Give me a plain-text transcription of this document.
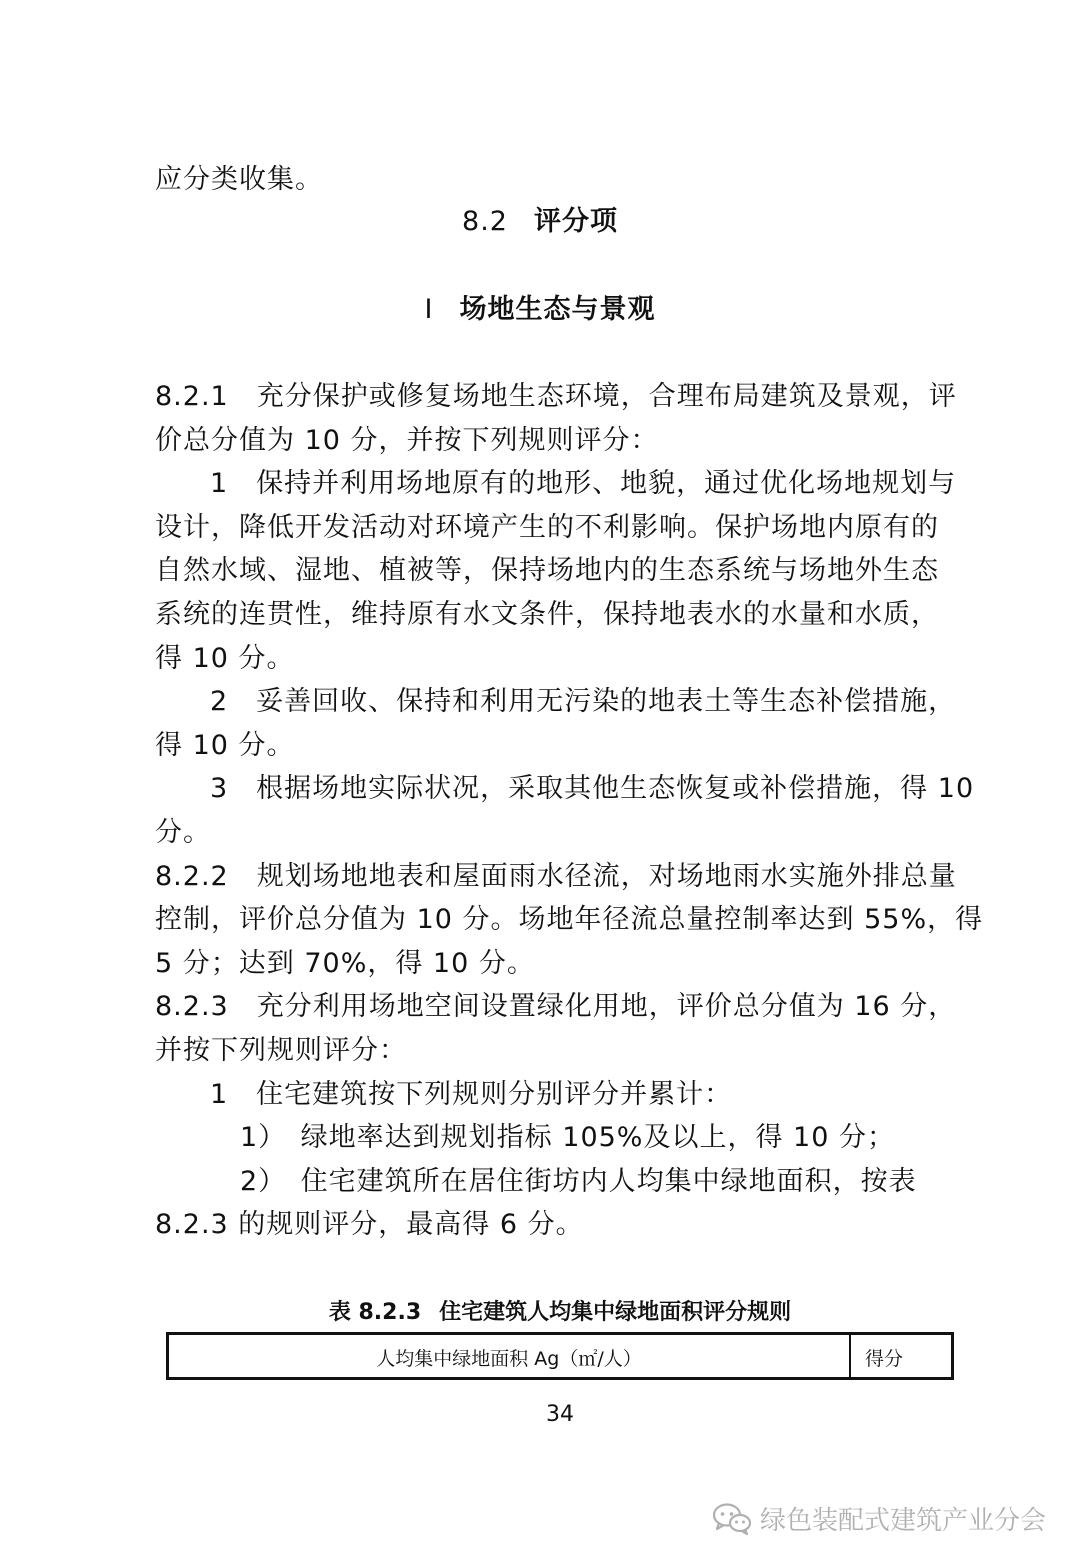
应分类收集。
8.2 评分项
Ⅰ 场地生态与景观
8.2.1　充分保护或修复场地生态环境，合理布局建筑及景观，评
价总分值为 10 分，并按下列规则评分：
1　保持并利用场地原有的地形、地貌，通过优化场地规划与
设计，降低开发活动对环境产生的不利影响。保护场地内原有的
自然水域、湿地、植被等，保持场地内的生态系统与场地外生态
系统的连贯性，维持原有水文条件，保持地表水的水量和水质，
得 10 分。
2　妥善回收、保持和利用无污染的地表土等生态补偿措施，
得 10 分。
3　根据场地实际状况，采取其他生态恢复或补偿措施，得 10
分。
8.2.2　规划场地地表和屋面雨水径流，对场地雨水实施外排总量
控制，评价总分值为 10 分。场地年径流总量控制率达到 55%，得
5 分；达到 70%，得 10 分。
8.2.3　充分利用场地空间设置绿化用地，评价总分值为 16 分，
并按下列规则评分：
1　住宅建筑按下列规则分别评分并累计：
1）　绿地率达到规划指标 105%及以上，得 10 分；
2）　住宅建筑所在居住街坊内人均集中绿地面积，按表
8.2.3 的规则评分，最高得 6 分。
表 8.2.3 住宅建筑人均集中绿地面积评分规则
人均集中绿地面积 Ag（㎡/人）	得分
34
绿色装配式建筑产业分会
